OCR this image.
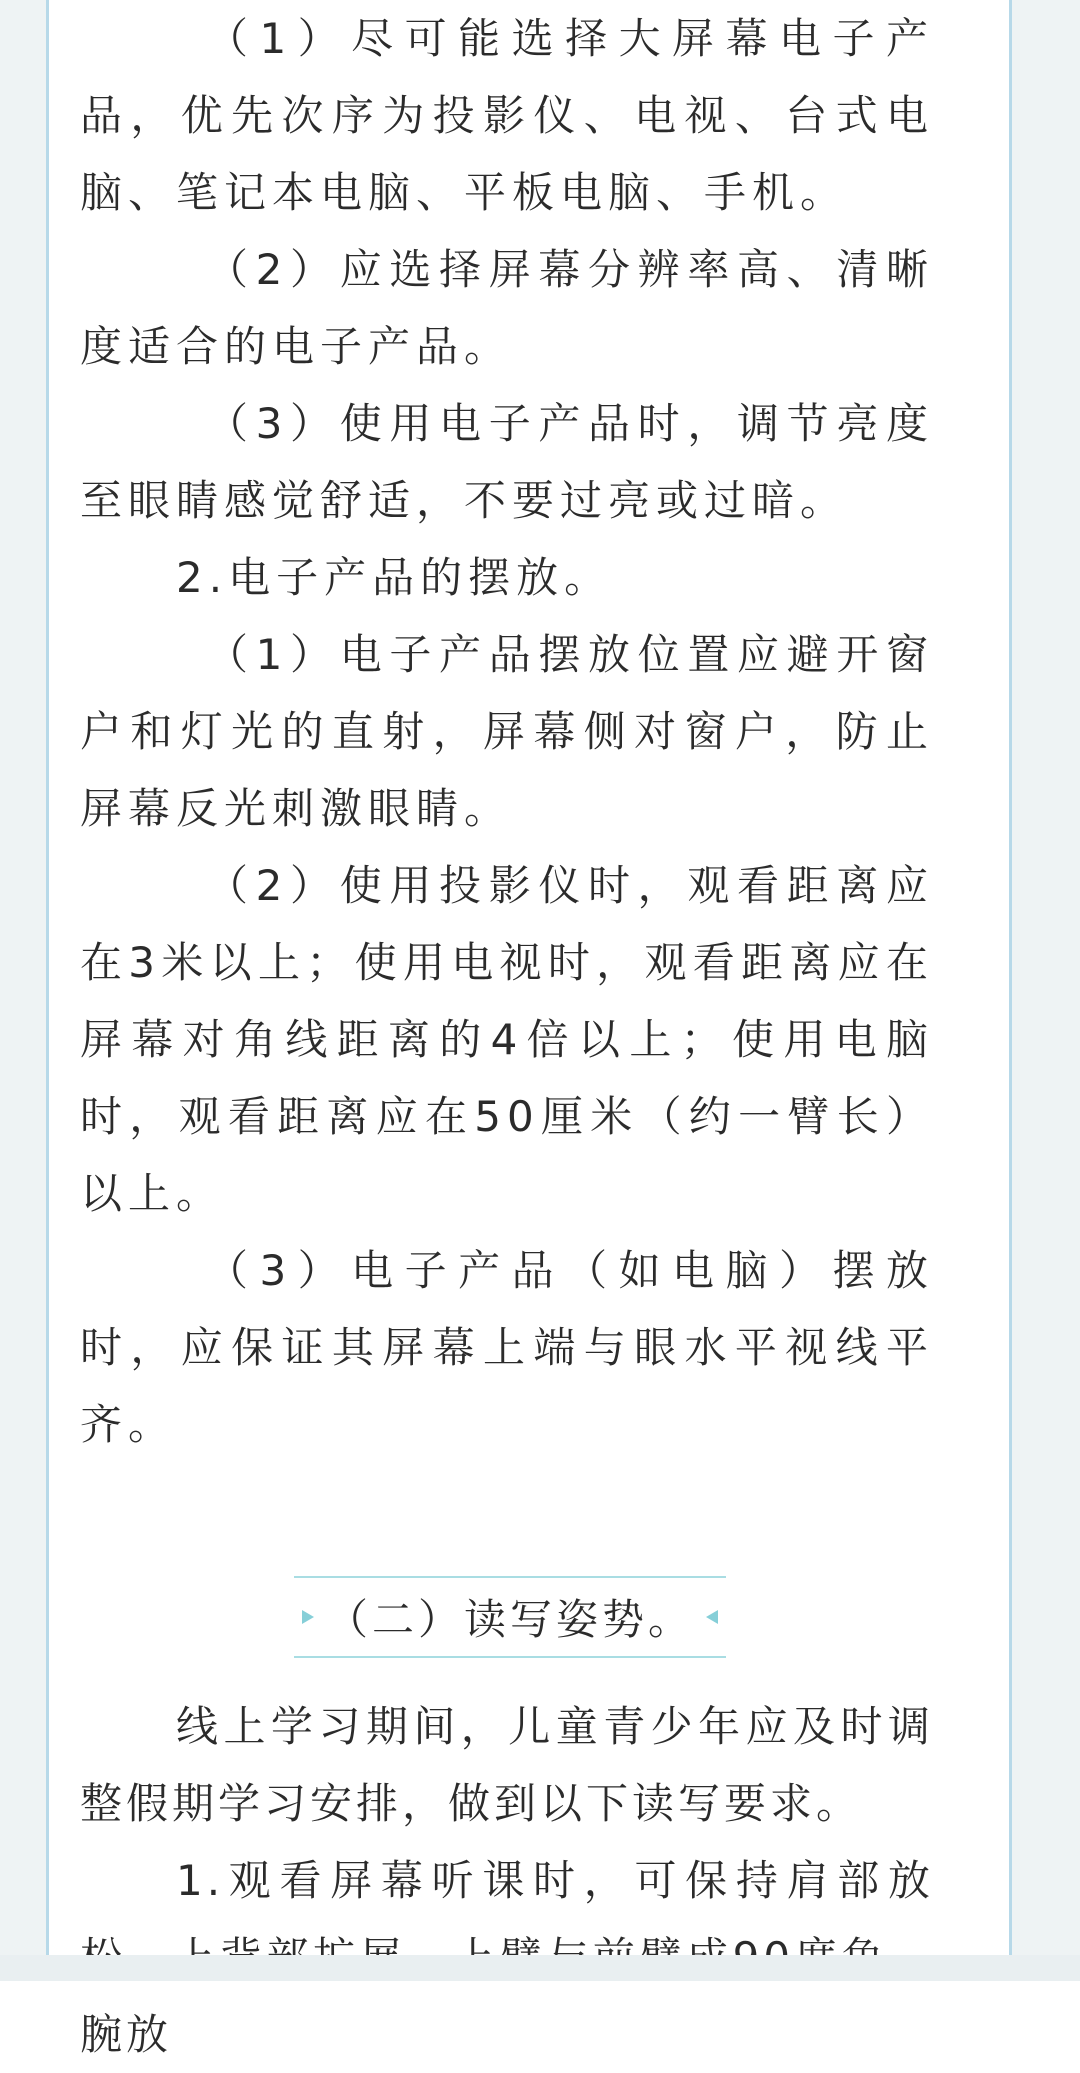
（1）尽可能选择大屏幕电子产品，优先次序为投影仪、电视、台式电脑、笔记本电脑、平板电脑、手机。

（2）应选择屏幕分辨率高、清晰度适合的电子产品。

（3）使用电子产品时，调节亮度至眼睛感觉舒适，不要过亮或过暗。

2.电子产品的摆放。

（1）电子产品摆放位置应避开窗户和灯光的直射，屏幕侧对窗户，防止屏幕反光刺激眼睛。

（2）使用投影仪时，观看距离应在3米以上；使用电视时，观看距离应在屏幕对角线距离的4倍以上；使用电脑时，观看距离应在50厘米（约一臂长）以上。

（3）电子产品（如电脑）摆放时，应保证其屏幕上端与眼水平视线平齐。

（二）读写姿势。

线上学习期间，儿童青少年应及时调整假期学习安排，做到以下读写要求。

1.观看屏幕听课时，可保持肩部放 腕放
